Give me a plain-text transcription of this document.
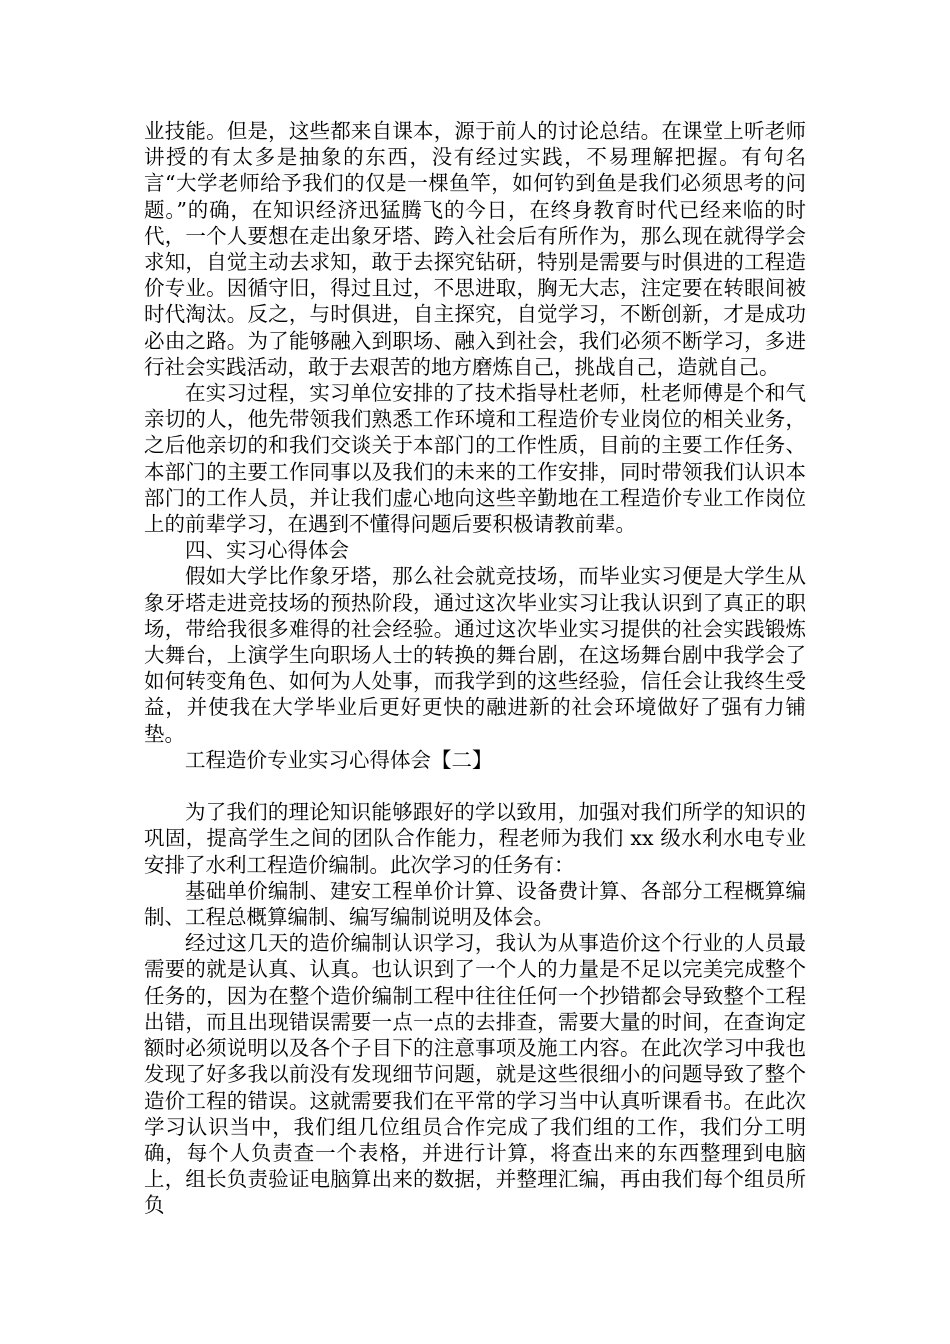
业技能。但是，这些都来自课本，源于前人的讨论总结。在课堂上听老师讲授的有太多是抽象的东西，没有经过实践，不易理解把握。有句名言“大学老师给予我们的仅是一棵鱼竿，如何钓到鱼是我们必须思考的问题。”的确，在知识经济迅猛腾飞的今日，在终身教育时代已经来临的时代，一个人要想在走出象牙塔、跨入社会后有所作为，那么现在就得学会求知，自觉主动去求知，敢于去探究钻研，特别是需要与时俱进的工程造价专业。因循守旧，得过且过，不思进取，胸无大志，注定要在转眼间被时代淘汰。反之，与时俱进，自主探究，自觉学习，不断创新，才是成功必由之路。为了能够融入到职场、融入到社会，我们必须不断学习，多进行社会实践活动，敢于去艰苦的地方磨炼自己，挑战自己，造就自己。

在实习过程，实习单位安排的了技术指导杜老师，杜老师傅是个和气亲切的人，他先带领我们熟悉工作环境和工程造价专业岗位的相关业务，之后他亲切的和我们交谈关于本部门的工作性质，目前的主要工作任务、本部门的主要工作同事以及我们的未来的工作安排，同时带领我们认识本部门的工作人员，并让我们虚心地向这些辛勤地在工程造价专业工作岗位上的前辈学习，在遇到不懂得问题后要积极请教前辈。

四、实习心得体会

假如大学比作象牙塔，那么社会就竞技场，而毕业实习便是大学生从象牙塔走进竞技场的预热阶段，通过这次毕业实习让我认识到了真正的职场，带给我很多难得的社会经验。通过这次毕业实习提供的社会实践锻炼大舞台，上演学生向职场人士的转换的舞台剧，在这场舞台剧中我学会了如何转变角色、如何为人处事，而我学到的这些经验，信任会让我终生受益，并使我在大学毕业后更好更快的融进新的社会环境做好了强有力铺垫。

工程造价专业实习心得体会【二】

为了我们的理论知识能够跟好的学以致用，加强对我们所学的知识的巩固，提高学生之间的团队合作能力，程老师为我们 xx 级水利水电专业安排了水利工程造价编制。此次学习的任务有：

基础单价编制、建安工程单价计算、设备费计算、各部分工程概算编制、工程总概算编制、编写编制说明及体会。

经过这几天的造价编制认识学习，我认为从事造价这个行业的人员最需要的就是认真、认真。也认识到了一个人的力量是不足以完美完成整个任务的，因为在整个造价编制工程中往往任何一个抄错都会导致整个工程出错，而且出现错误需要一点一点的去排查，需要大量的时间，在查询定额时必须说明以及各个子目下的注意事项及施工内容。在此次学习中我也发现了好多我以前没有发现细节问题，就是这些很细小的问题导致了整个造价工程的错误。这就需要我们在平常的学习当中认真听课看书。在此次学习认识当中，我们组几位组员合作完成了我们组的工作，我们分工明确，每个人负责查一个表格，并进行计算，将查出来的东西整理到电脑上，组长负责验证电脑算出来的数据，并整理汇编，再由我们每个组员所负
